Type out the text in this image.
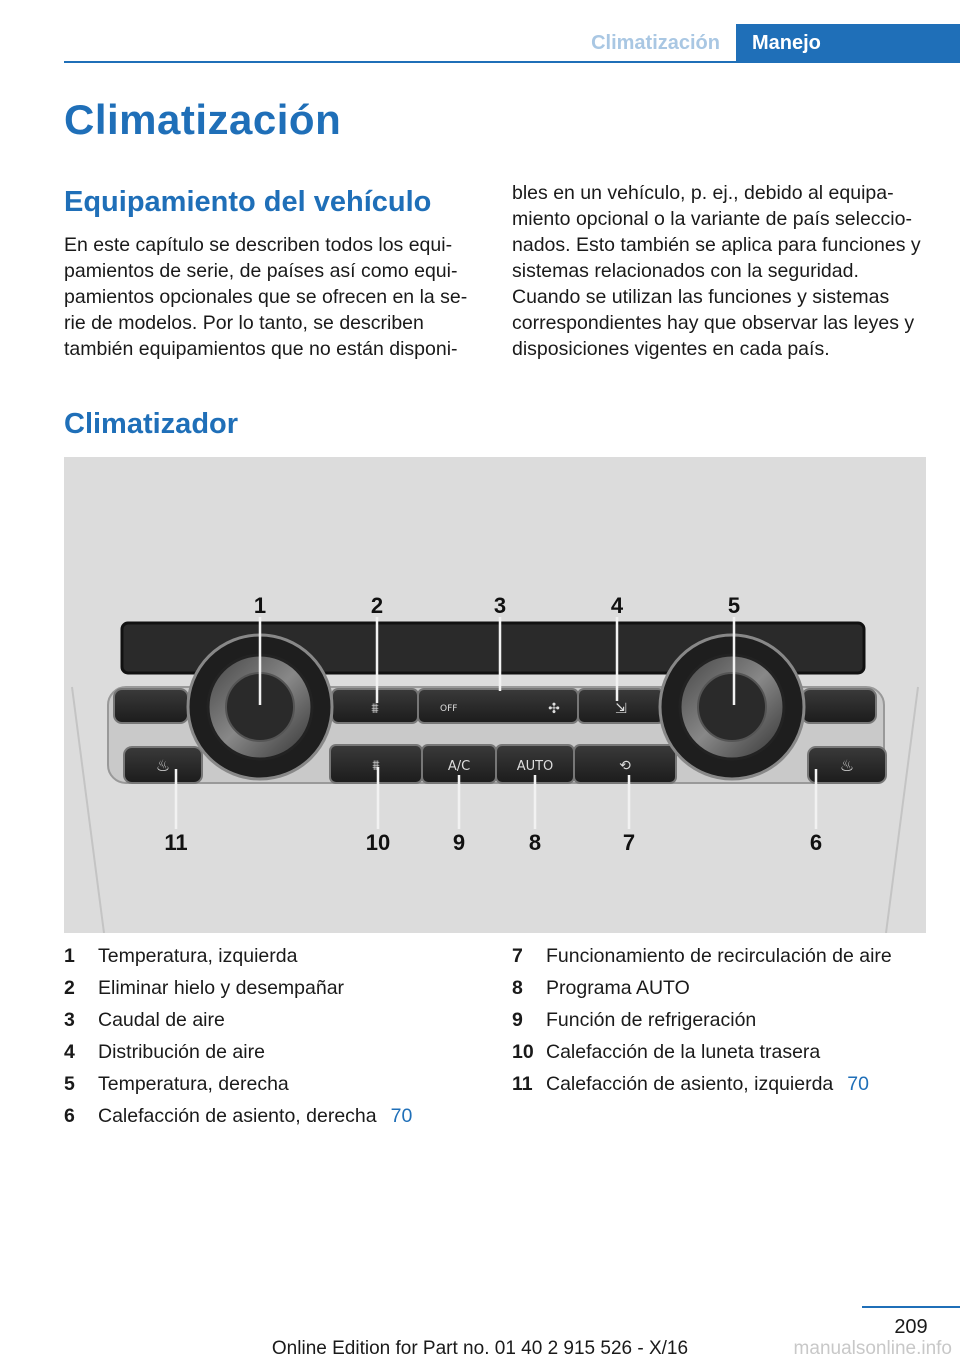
Climatización	Manejo
Climatización
Equipamiento del vehículo
En este capítulo se describen todos los equi-
pamientos de serie, de países así como equi-
pamientos opcionales que se ofrecen en la se-
rie de modelos. Por lo tanto, se describen
también equipamientos que no están disponi-
bles en un vehículo, p. ej., debido al equipa-
miento opcional o la variante de país seleccio-
nados. Esto también se aplica para funciones y
sistemas relacionados con la seguridad.
Cuando se utilizan las funciones y sistemas
correspondientes hay que observar las leyes y
disposiciones vigentes en cada país.
Climatizador
♨	♨
⩩	OFF	✣	⇲
⩩	A/C	AUTO	⟲
1	2	3	4	5
11	10	9	8	7	6
1 Temperatura, izquierda
2 Eliminar hielo y desempañar
3 Caudal de aire
4 Distribución de aire
5 Temperatura, derecha
6 Calefacción de asiento, derecha 70
7 Funcionamiento de recirculación de aire
8 Programa AUTO
9 Función de refrigeración
10 Calefacción de la luneta trasera
11 Calefacción de asiento, izquierda 70
209
Online Edition for Part no. 01 40 2 915 526 - X/16	manualsonline.info
